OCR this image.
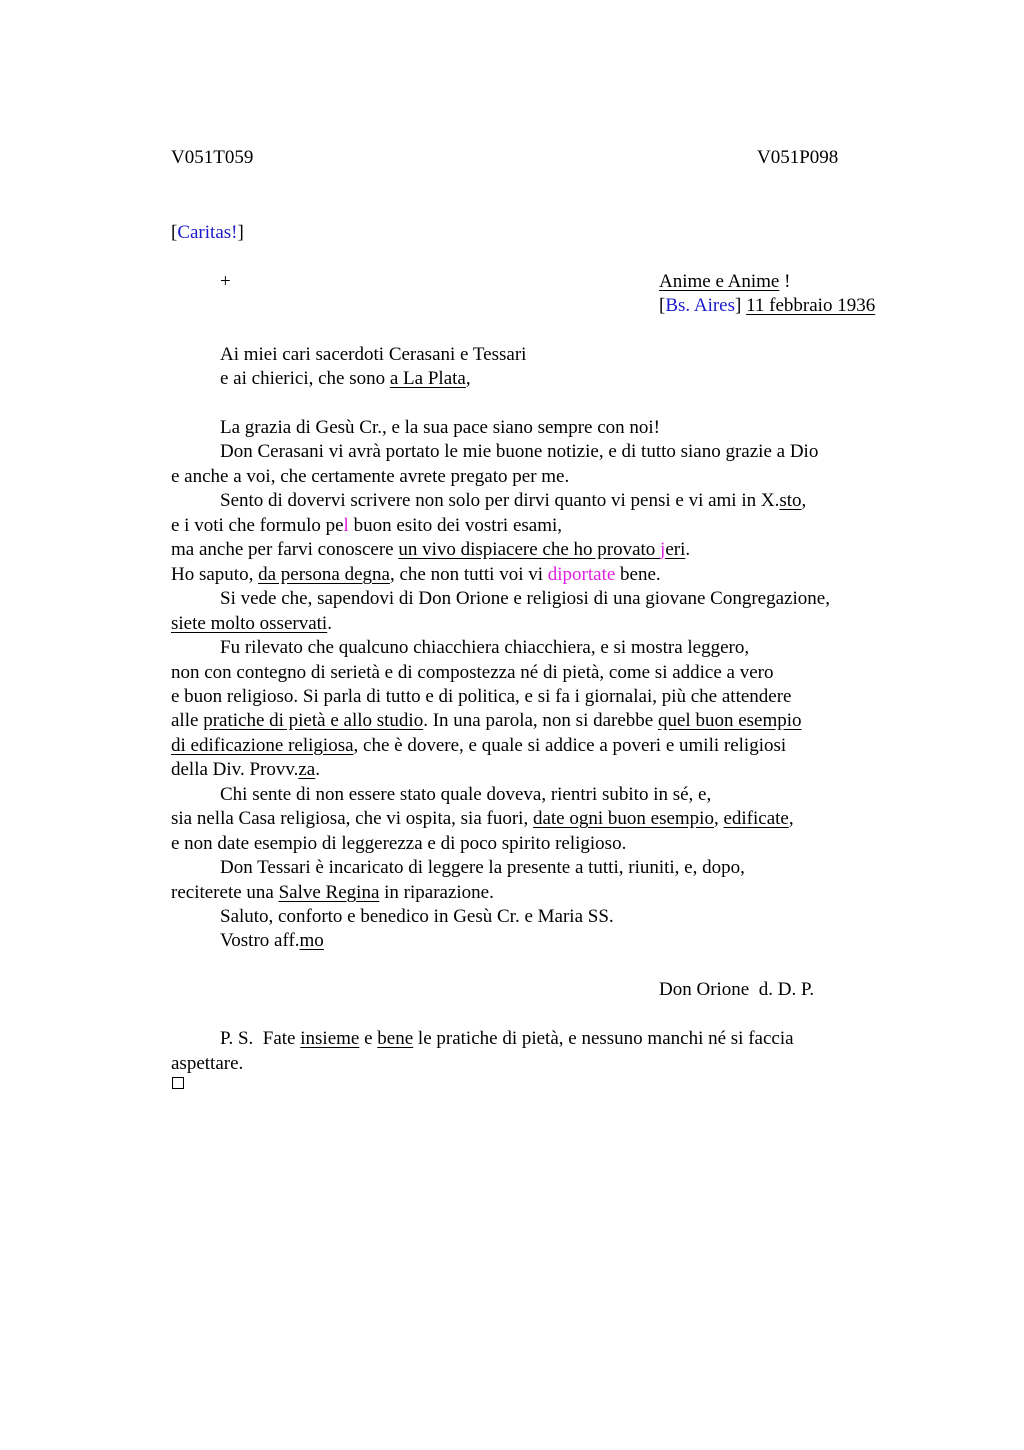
V051T059	V051P098
[Caritas!]
+	Anime e Anime !
[Bs. Aires] 11 febbraio 1936
Ai miei cari sacerdoti Cerasani e Tessari
e ai chierici, che sono a La Plata,
La grazia di Gesù Cr., e la sua pace siano sempre con noi!
Don Cerasani vi avrà portato le mie buone notizie, e di tutto siano grazie a Dio
e anche a voi, che certamente avrete pregato per me.
Sento di dovervi scrivere non solo per dirvi quanto vi pensi e vi ami in X.sto,
e i voti che formulo pel buon esito dei vostri esami,
ma anche per farvi conoscere un vivo dispiacere che ho provato jeri.
Ho saputo, da persona degna, che non tutti voi vi diportate bene.
Si vede che, sapendovi di Don Orione e religiosi di una giovane Congregazione,
siete molto osservati.
Fu rilevato che qualcuno chiacchiera chiacchiera, e si mostra leggero,
non con contegno di serietà e di compostezza né di pietà, come si addice a vero
e buon religioso. Si parla di tutto e di politica, e si fa i giornalai, più che attendere
alle pratiche di pietà e allo studio. In una parola, non si darebbe quel buon esempio
di edificazione religiosa, che è dovere, e quale si addice a poveri e umili religiosi
della Div. Provv.za.
Chi sente di non essere stato quale doveva, rientri subito in sé, e,
sia nella Casa religiosa, che vi ospita, sia fuori, date ogni buon esempio, edificate,
e non date esempio di leggerezza e di poco spirito religioso.
Don Tessari è incaricato di leggere la presente a tutti, riuniti, e, dopo,
reciterete una Salve Regina in riparazione.
Saluto, conforto e benedico in Gesù Cr. e Maria SS.
Vostro aff.mo
Don Orione  d. D. P.
P. S.  Fate insieme e bene le pratiche di pietà, e nessuno manchi né si faccia
aspettare.
